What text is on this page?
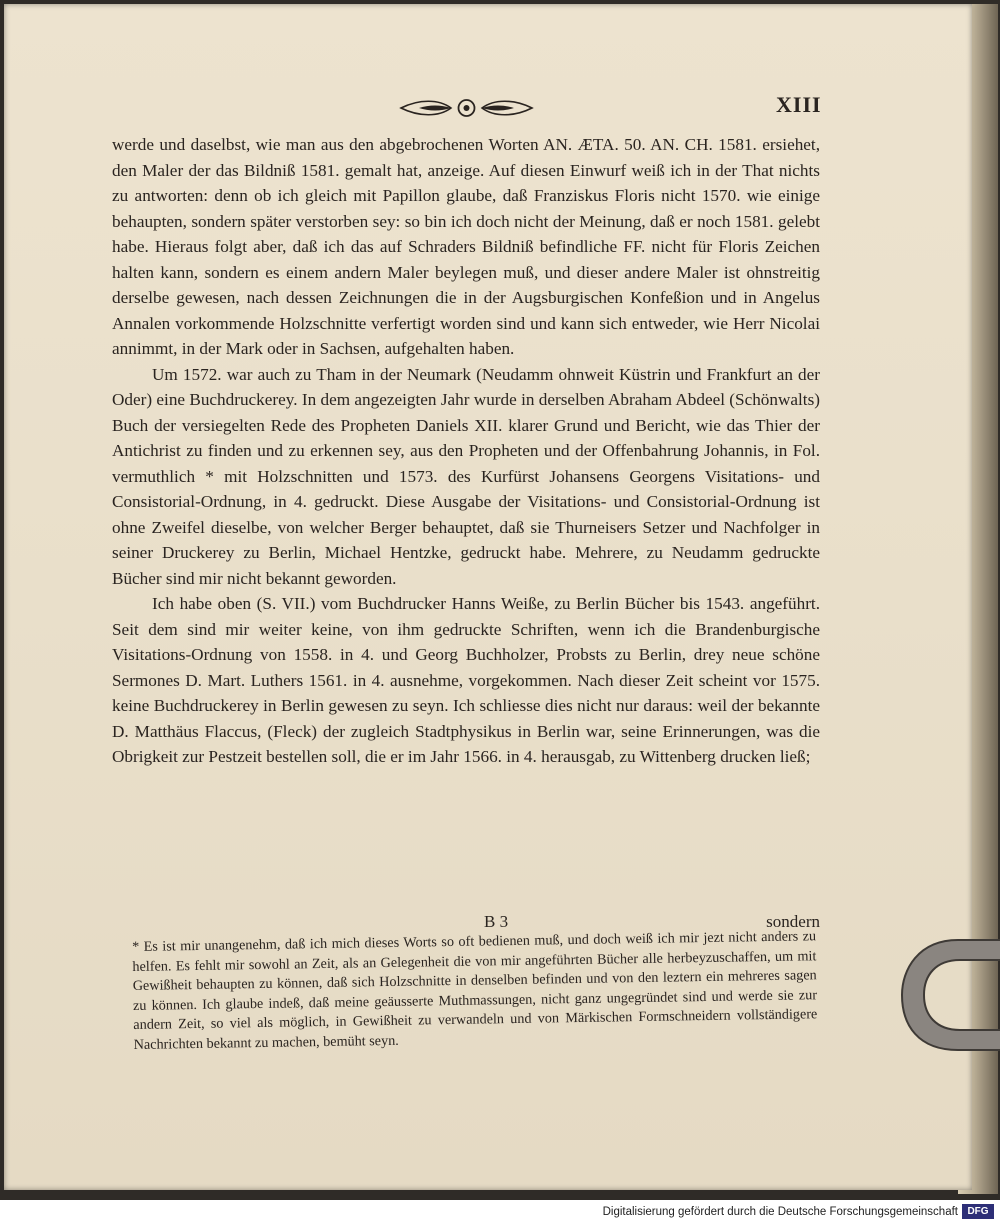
XIII

werde und daselbst, wie man aus den abgebrochenen Worten AN. ÆTA. 50. AN. CH. 1581. ersiehet, den Maler der das Bildniß 1581. gemalt hat, anzeige. Auf diesen Einwurf weiß ich in der That nichts zu antworten: denn ob ich gleich mit Papillon glaube, daß Franziskus Floris nicht 1570. wie einige behaupten, sondern später verstorben sey: so bin ich doch nicht der Meinung, daß er noch 1581. gelebt habe. Hieraus folgt aber, daß ich das auf Schraders Bildniß befindliche FF. nicht für Floris Zeichen halten kann, sondern es einem andern Maler beylegen muß, und dieser andere Maler ist ohnstreitig derselbe gewesen, nach dessen Zeichnungen die in der Augsburgischen Konfeßion und in Angelus Annalen vorkommende Holzschnitte verfertigt worden sind und kann sich entweder, wie Herr Nicolai annimmt, in der Mark oder in Sachsen, aufgehalten haben.

Um 1572. war auch zu Tham in der Neumark (Neudamm ohnweit Küstrin und Frankfurt an der Oder) eine Buchdruckerey. In dem angezeigten Jahr wurde in derselben Abraham Abdeel (Schönwalts) Buch der versiegelten Rede des Propheten Daniels XII. klarer Grund und Bericht, wie das Thier der Antichrist zu finden und zu erkennen sey, aus den Propheten und der Offenbahrung Johannis, in Fol. vermuthlich * mit Holzschnitten und 1573. des Kurfürst Johansens Georgens Visitations- und Consistorial-Ordnung, in 4. gedruckt. Diese Ausgabe der Visitations- und Consistorial-Ordnung ist ohne Zweifel dieselbe, von welcher Berger behauptet, daß sie Thurneisers Setzer und Nachfolger in seiner Druckerey zu Berlin, Michael Hentzke, gedruckt habe. Mehrere, zu Neudamm gedruckte Bücher sind mir nicht bekannt geworden.

Ich habe oben (S. VII.) vom Buchdrucker Hanns Weiße, zu Berlin Bücher bis 1543. angeführt. Seit dem sind mir weiter keine, von ihm gedruckte Schriften, wenn ich die Brandenburgische Visitations-Ordnung von 1558. in 4. und Georg Buchholzer, Probsts zu Berlin, drey neue schöne Sermones D. Mart. Luthers 1561. in 4. ausnehme, vorgekommen. Nach dieser Zeit scheint vor 1575. keine Buchdruckerey in Berlin gewesen zu seyn. Ich schliesse dies nicht nur daraus: weil der bekannte D. Matthäus Flaccus, (Fleck) der zugleich Stadtphysikus in Berlin war, seine Erinnerungen, was die Obrigkeit zur Pestzeit bestellen soll, die er im Jahr 1566. in 4. herausgab, zu Wittenberg drucken ließ;

B 3	sondern
* Es ist mir unangenehm, daß ich mich dieses Worts so oft bedienen muß, und doch weiß ich mir jezt nicht anders zu helfen. Es fehlt mir sowohl an Zeit, als an Gelegenheit die von mir angeführten Bücher alle herbeyzuschaffen, um mit Gewißheit behaupten zu können, daß sich Holzschnitte in denselben befinden und von den leztern ein mehreres sagen zu können. Ich glaube indeß, daß meine geäusserte Muthmassungen, nicht ganz ungegründet sind und werde sie zur andern Zeit, so viel als möglich, in Gewißheit zu verwandeln und von Märkischen Formschneidern vollständigere Nachrichten bekannt zu machen, bemüht seyn.
Digitalisierung gefördert durch die Deutsche Forschungsgemeinschaft DFG
